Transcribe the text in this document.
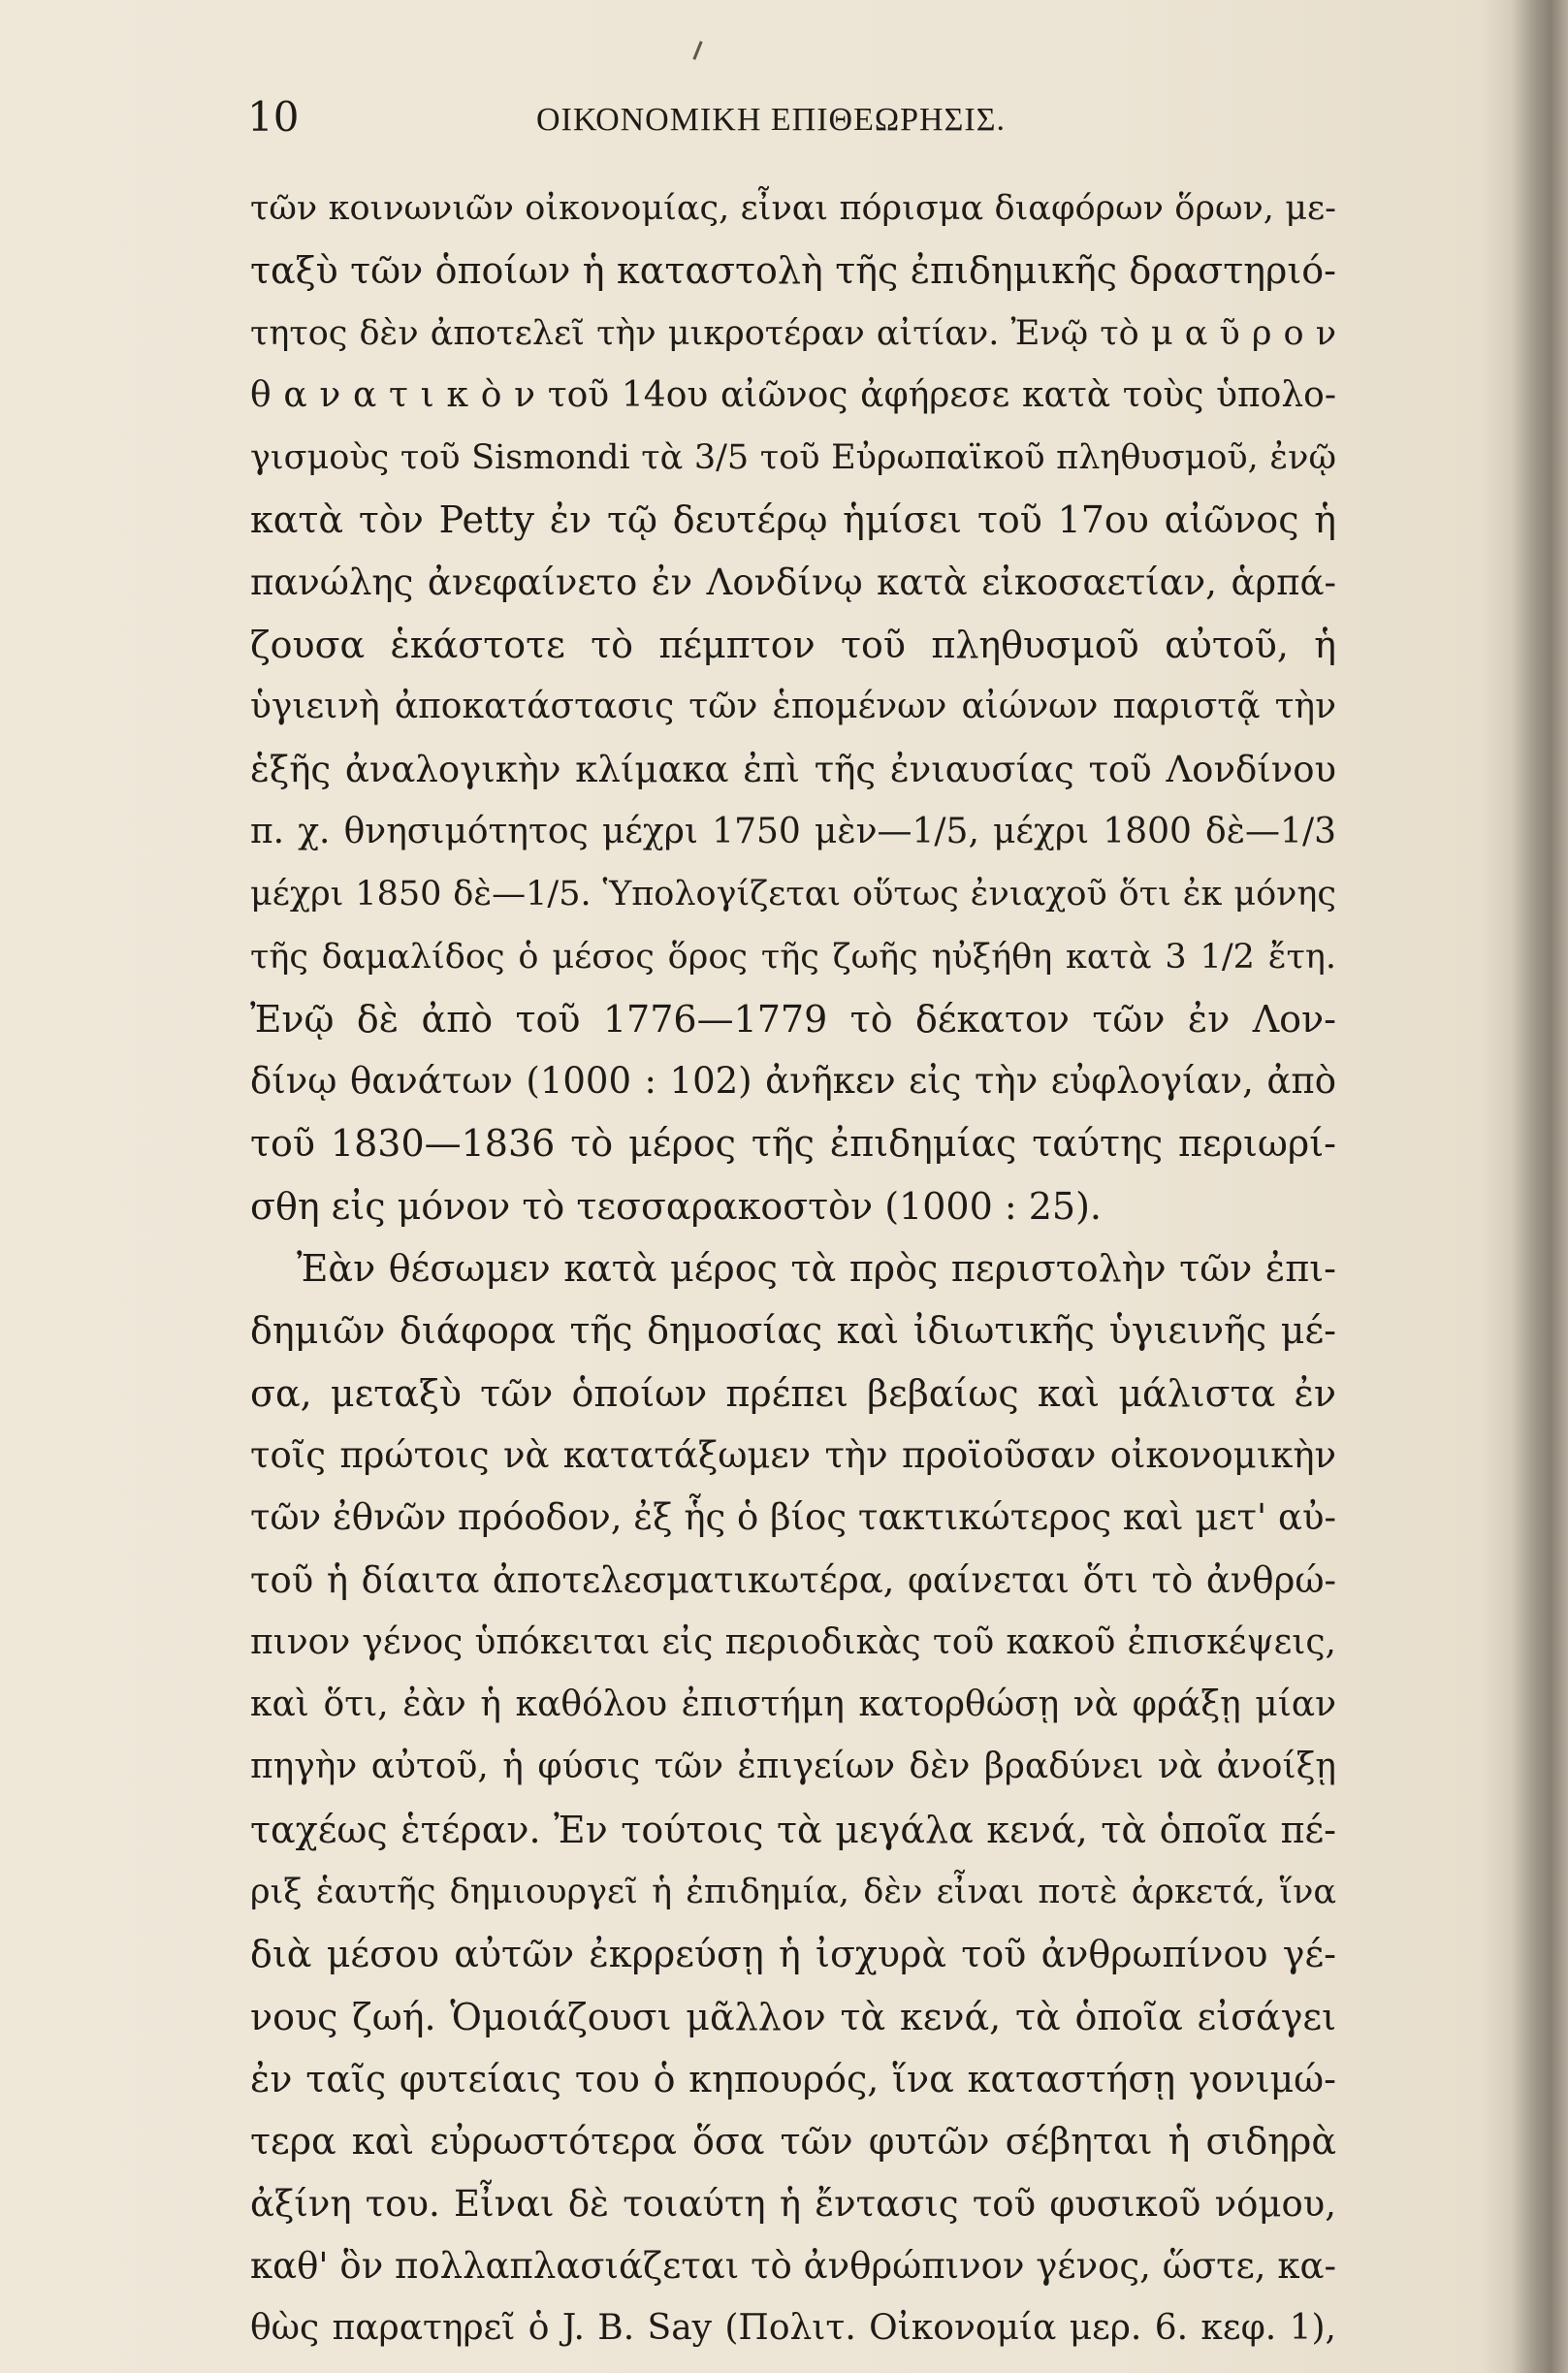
10	ΟΙΚΟΝΟΜΙΚΗ ΕΠΙΘΕΩΡΗΣΙΣ.
τῶν κοινωνιῶν οἰκονομίας, εἶναι πόρισμα διαφόρων ὅρων, με-
ταξὺ τῶν ὁποίων ἡ καταστολὴ τῆς ἐπιδημικῆς δραστηριό-
τητος δὲν ἀποτελεῖ τὴν μικροτέραν αἰτίαν. Ἐνῷ τὸ μ α ῦ ρ ο ν
θ α ν α τ ι κ ὸ ν τοῦ 14ου αἰῶνος ἀφήρεσε κατὰ τοὺς ὑπολο-
γισμοὺς τοῦ Sismondi τὰ 3/5 τοῦ Εὐρωπαϊκοῦ πληθυσμοῦ, ἐνῷ
κατὰ τὸν Petty ἐν τῷ δευτέρῳ ἡμίσει τοῦ 17ου αἰῶνος ἡ
πανώλης ἀνεφαίνετο ἐν Λονδίνῳ κατὰ εἰκοσαετίαν, ἁρπά-
ζουσα ἑκάστοτε τὸ πέμπτον τοῦ πληθυσμοῦ αὐτοῦ, ἡ
ὑγιεινὴ ἀποκατάστασις τῶν ἑπομένων αἰώνων παριστᾷ τὴν
ἑξῆς ἀναλογικὴν κλίμακα ἐπὶ τῆς ἐνιαυσίας τοῦ Λονδίνου
π. χ. θνησιμότητος μέχρι 1750 μὲν—1/5, μέχρι 1800 δὲ—1/3
μέχρι 1850 δὲ—1/5. Ὑπολογίζεται οὕτως ἐνιαχοῦ ὅτι ἐκ μόνης
τῆς δαμαλίδος ὁ μέσος ὅρος τῆς ζωῆς ηὐξήθη κατὰ 3 1/2 ἔτη.
Ἐνῷ δὲ ἀπὸ τοῦ 1776—1779 τὸ δέκατον τῶν ἐν Λον-
δίνῳ θανάτων (1000 : 102) ἀνῆκεν εἰς τὴν εὐφλογίαν, ἀπὸ
τοῦ 1830—1836 τὸ μέρος τῆς ἐπιδημίας ταύτης περιωρί-
σθη εἰς μόνον τὸ τεσσαρακοστὸν (1000 : 25).
Ἐὰν θέσωμεν κατὰ μέρος τὰ πρὸς περιστολὴν τῶν ἐπι-
δημιῶν διάφορα τῆς δημοσίας καὶ ἰδιωτικῆς ὑγιεινῆς μέ-
σα, μεταξὺ τῶν ὁποίων πρέπει βεβαίως καὶ μάλιστα ἐν
τοῖς πρώτοις νὰ κατατάξωμεν τὴν προϊοῦσαν οἰκονομικὴν
τῶν ἐθνῶν πρόοδον, ἐξ ἧς ὁ βίος τακτικώτερος καὶ μετ' αὐ-
τοῦ ἡ δίαιτα ἀποτελεσματικωτέρα, φαίνεται ὅτι τὸ ἀνθρώ-
πινον γένος ὑπόκειται εἰς περιοδικὰς τοῦ κακοῦ ἐπισκέψεις,
καὶ ὅτι, ἐὰν ἡ καθόλου ἐπιστήμη κατορθώσῃ νὰ φράξῃ μίαν
πηγὴν αὐτοῦ, ἡ φύσις τῶν ἐπιγείων δὲν βραδύνει νὰ ἀνοίξῃ
ταχέως ἑτέραν. Ἐν τούτοις τὰ μεγάλα κενά, τὰ ὁποῖα πέ-
ριξ ἑαυτῆς δημιουργεῖ ἡ ἐπιδημία, δὲν εἶναι ποτὲ ἀρκετά, ἵνα
διὰ μέσου αὐτῶν ἐκρρεύσῃ ἡ ἰσχυρὰ τοῦ ἀνθρωπίνου γέ-
νους ζωή. Ὁμοιάζουσι μᾶλλον τὰ κενά, τὰ ὁποῖα εἰσάγει
ἐν ταῖς φυτείαις του ὁ κηπουρός, ἵνα καταστήσῃ γονιμώ-
τερα καὶ εὐρωστότερα ὅσα τῶν φυτῶν σέβηται ἡ σιδηρὰ
ἀξίνη του. Εἶναι δὲ τοιαύτη ἡ ἔντασις τοῦ φυσικοῦ νόμου,
καθ' ὃν πολλαπλασιάζεται τὸ ἀνθρώπινον γένος, ὥστε, κα-
θὼς παρατηρεῖ ὁ J. B. Say (Πολιτ. Οἰκονομία μερ. 6. κεφ. 1),
